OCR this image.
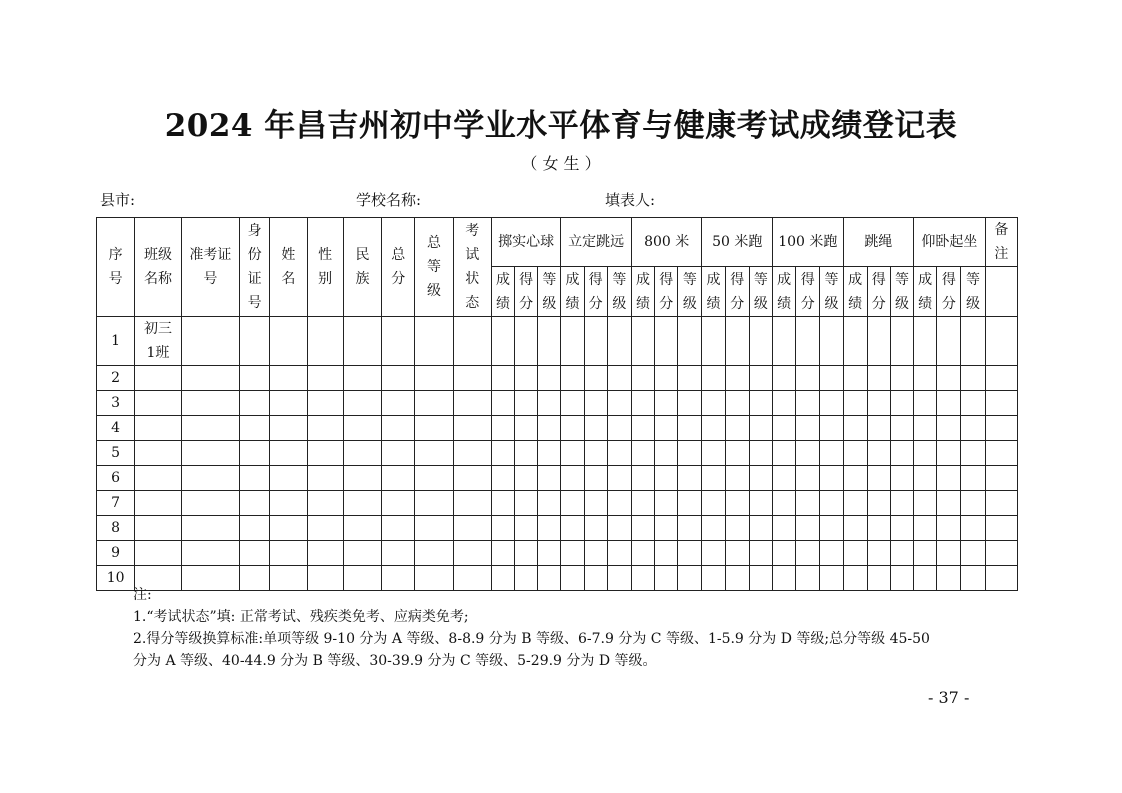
2024 年昌吉州初中学业水平体育与健康考试成绩登记表
（ 女 生 ）
县市:	学校名称:	填表人:
序号	班级名称	准考证号	身份证号	姓名	性别	民族	总分	总等级	考试状态	掷实心球			立定跳远			800 米			50 米跑			100 米跑			跳绳			仰卧起坐			备注
										成绩	得分	等级	成绩	得分	等级	成绩	得分	等级	成绩	得分	等级	成绩	得分	等级	成绩	得分	等级	成绩	得分	等级	
1	初三1班																														
2																															
3																															
4																															
5																															
6																															
7																															
8																															
9																															
10																															
注:
1.“考试状态”填: 正常考试、残疾类免考、应病类免考;
2.得分等级换算标准:单项等级 9-10 分为 A 等级、8-8.9 分为 B 等级、6-7.9 分为 C 等级、1-5.9 分为 D 等级;总分等级 45-50
分为 A 等级、40-44.9 分为 B 等级、30-39.9 分为 C 等级、5-29.9 分为 D 等级。
- 37 -
